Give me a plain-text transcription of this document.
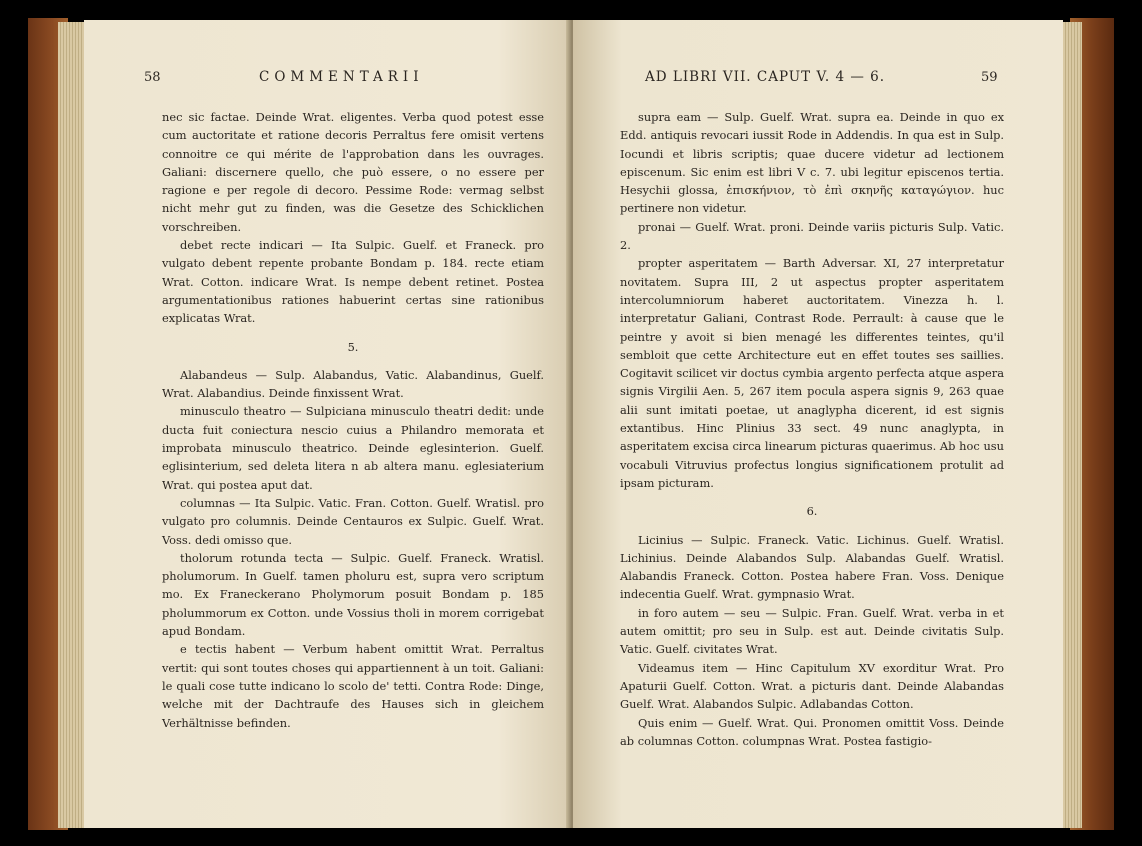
58	COMMENTARII

nec sic factae. Deinde Wrat. eligentes. Verba quod potest esse cum auctoritate et ratione decoris Perraltus fere omisit vertens connoitre ce qui mérite de l'approbation dans les ouvrages. Galiani: discernere quello, che può essere, o no essere per ragione e per regole di decoro. Pessime Rode: vermag selbst nicht mehr gut zu finden, was die Gesetze des Schicklichen vorschreiben.

debet recte indicari — Ita Sulpic. Guelf. et Franeck. pro vulgato debent repente probante Bondam p. 184. recte etiam Wrat. Cotton. indicare Wrat. Is nempe debent retinet. Postea argumentationibus rationes habuerint certas sine rationibus explicatas Wrat.

5.

Alabandeus — Sulp. Alabandus, Vatic. Alabandinus, Guelf. Wrat. Alabandius. Deinde finxissent Wrat.

minusculo theatro — Sulpiciana minusculo theatri dedit: unde ducta fuit coniectura nescio cuius a Philandro memorata et improbata minusculo theatrico. Deinde eglesinterion. Guelf. eglisinterium, sed deleta litera n ab altera manu. eglesiaterium Wrat. qui postea aput dat.

columnas — Ita Sulpic. Vatic. Fran. Cotton. Guelf. Wratisl. pro vulgato pro columnis. Deinde Centauros ex Sulpic. Guelf. Wrat. Voss. dedi omisso que.

tholorum rotunda tecta — Sulpic. Guelf. Franeck. Wratisl. pholumorum. In Guelf. tamen pholuru est, supra vero scriptum mo. Ex Franeckerano Pholymorum posuit Bondam p. 185 pholummorum ex Cotton. unde Vossius tholi in morem corrigebat apud Bondam.

e tectis habent — Verbum habent omittit Wrat. Perraltus vertit: qui sont toutes choses qui appartiennent à un toit. Galiani: le quali cose tutte indicano lo scolo de' tetti. Contra Rode: Dinge, welche mit der Dachtraufe des Hauses sich in gleichem Verhältnisse befinden.

AD LIBRI VII. CAPUT V. 4 — 6.	59

supra eam — Sulp. Guelf. Wrat. supra ea. Deinde in quo ex Edd. antiquis revocari iussit Rode in Addendis. In qua est in Sulp. Iocundi et libris scriptis; quae ducere videtur ad lectionem episcenum. Sic enim est libri V c. 7. ubi legitur episcenos tertia. Hesychii glossa, ἐπισκήνιον, τὸ ἐπὶ σκηνῆς καταγώγιον. huc pertinere non videtur.

pronai — Guelf. Wrat. proni. Deinde variis picturis Sulp. Vatic. 2.

propter asperitatem — Barth Adversar. XI, 27 interpretatur novitatem. Supra III, 2 ut aspectus propter asperitatem intercolumniorum haberet auctoritatem. Vinezza h. l. interpretatur Galiani, Contrast Rode. Perrault: à cause que le peintre y avoit si bien menagé les differentes teintes, qu'il sembloit que cette Architecture eut en effet toutes ses saillies. Cogitavit scilicet vir doctus cymbia argento perfecta atque aspera signis Virgilii Aen. 5, 267 item pocula aspera signis 9, 263 quae alii sunt imitati poetae, ut anaglypha dicerent, id est signis extantibus. Hinc Plinius 33 sect. 49 nunc anaglypta, in asperitatem excisa circa linearum picturas quaerimus. Ab hoc usu vocabuli Vitruvius profectus longius significationem protulit ad ipsam picturam.

6.

Licinius — Sulpic. Franeck. Vatic. Lichinus. Guelf. Wratisl. Lichinius. Deinde Alabandos Sulp. Alabandas Guelf. Wratisl. Alabandis Franeck. Cotton. Postea habere Fran. Voss. Denique indecentia Guelf. Wrat. gympnasio Wrat.

in foro autem — seu — Sulpic. Fran. Guelf. Wrat. verba in et autem omittit; pro seu in Sulp. est aut. Deinde civitatis Sulp. Vatic. Guelf. civitates Wrat.

Videamus item — Hinc Capitulum XV exorditur Wrat. Pro Apaturii Guelf. Cotton. Wrat. a picturis dant. Deinde Alabandas Guelf. Wrat. Alabandos Sulpic. Adlabandas Cotton.

Quis enim — Guelf. Wrat. Qui. Pronomen omittit Voss. Deinde ab columnas Cotton. columpnas Wrat. Postea fastigio-
